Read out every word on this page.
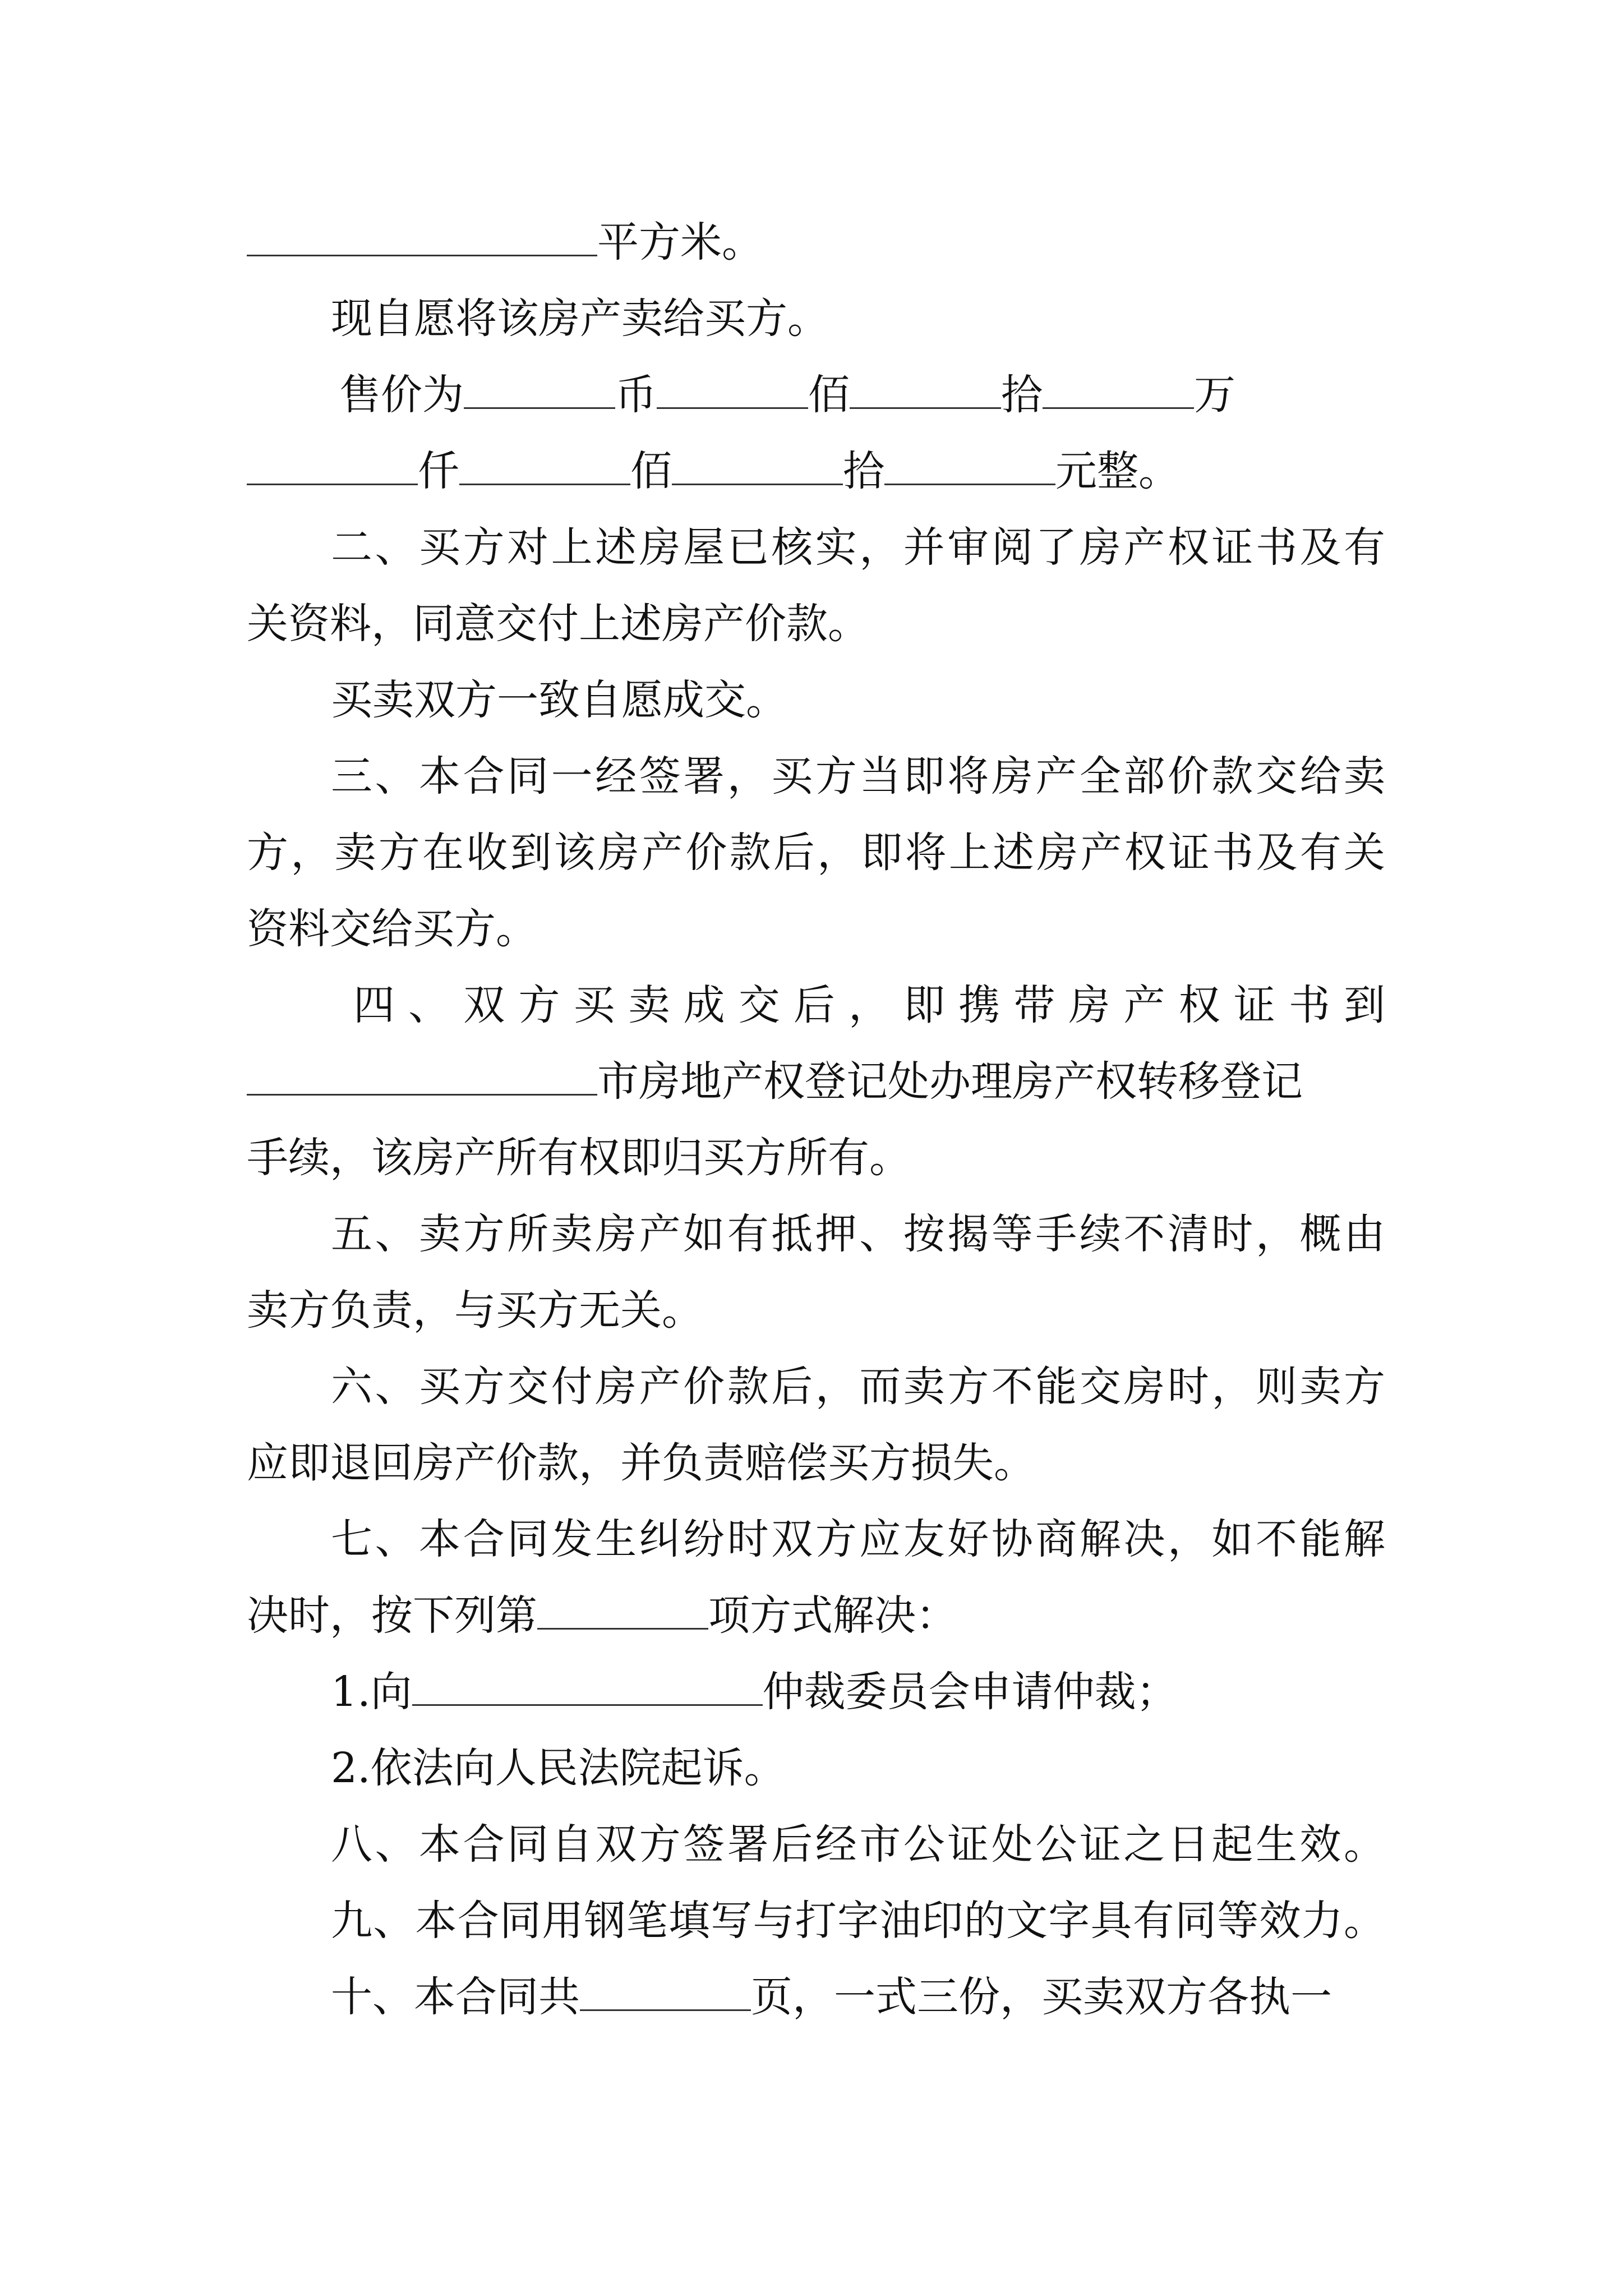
平方米。
现自愿将该房产卖给买方。
售价为	币	佰	拾	万
仟	佰	拾	元整。
二、买方对上述房屋已核实，并审阅了房产权证书及有
关资料，同意交付上述房产价款。
买卖双方一致自愿成交。
三、本合同一经签署，买方当即将房产全部价款交给卖
方，卖方在收到该房产价款后，即将上述房产权证书及有关
资料交给买方。
四、双方买卖成交后，即携带房产权证书到
市房地产权登记处办理房产权转移登记
手续，该房产所有权即归买方所有。
五、卖方所卖房产如有抵押、按揭等手续不清时，概由
卖方负责，与买方无关。
六、买方交付房产价款后，而卖方不能交房时，则卖方
应即退回房产价款，并负责赔偿买方损失。
七、本合同发生纠纷时双方应友好协商解决，如不能解
决时，按下列第	项方式解决：
1.向	仲裁委员会申请仲裁；
2.依法向人民法院起诉。
八、本合同自双方签署后经市公证处公证之日起生效。
九、本合同用钢笔填写与打字油印的文字具有同等效力。
十、本合同共	页，一式三份，买卖双方各执一
